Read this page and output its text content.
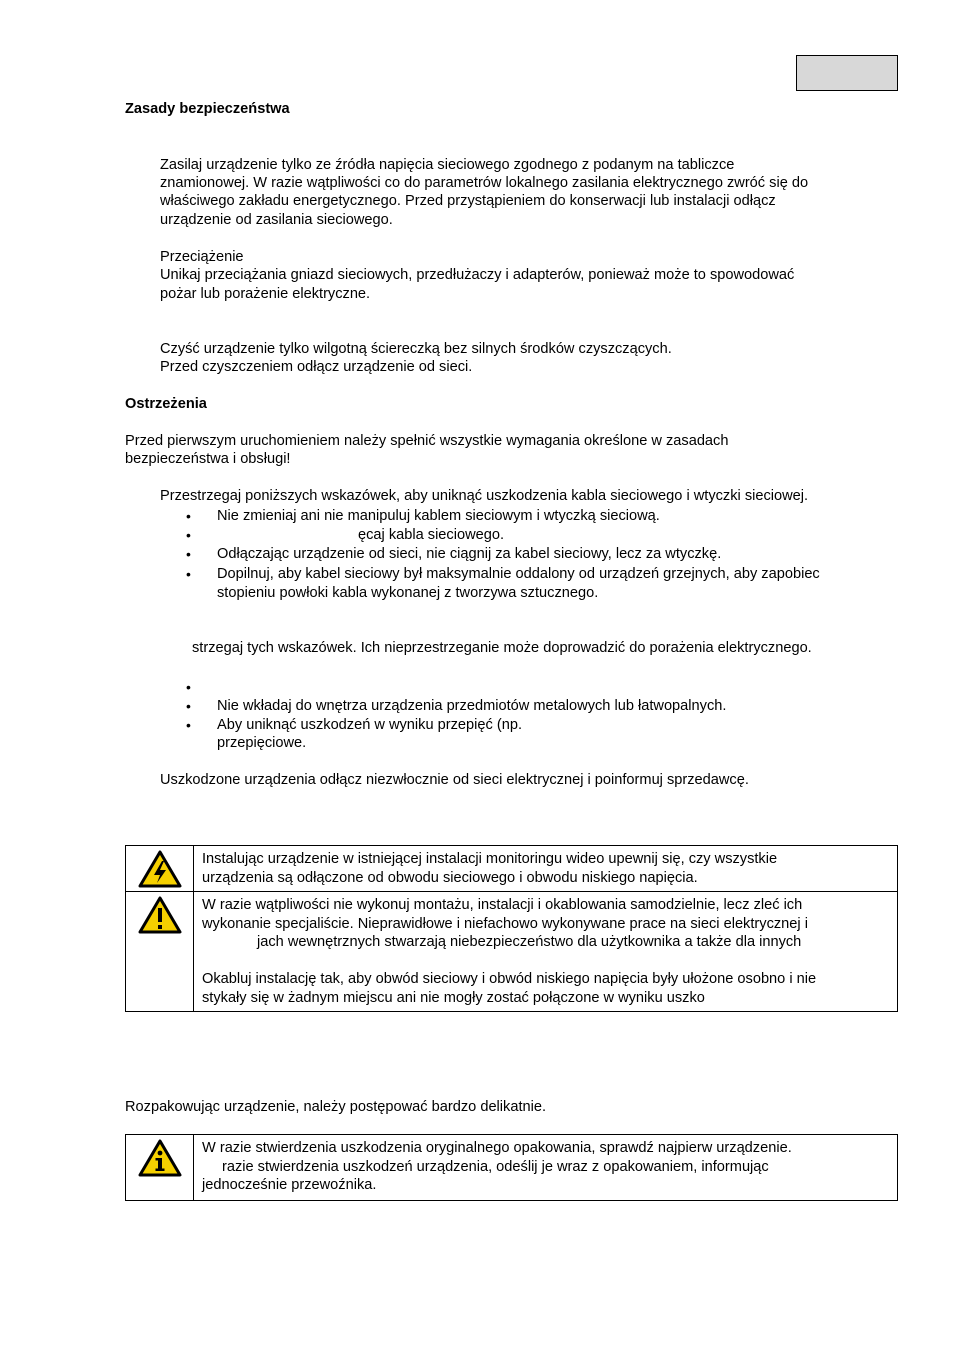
Zasady bezpieczeństwa
Zasilaj urządzenie tylko ze źródła napięcia sieciowego zgodnego z podanym na tabliczce
znamionowej. W razie wątpliwości co do parametrów lokalnego zasilania elektrycznego zwróć się do
właściwego zakładu energetycznego. Przed przystąpieniem do konserwacji lub instalacji odłącz
urządzenie od zasilania sieciowego.
Przeciążenie
Unikaj przeciążania gniazd sieciowych, przedłużaczy i adapterów, ponieważ może to spowodować
pożar lub porażenie elektryczne.
Czyść urządzenie tylko wilgotną ściereczką bez silnych środków czyszczących.
Przed czyszczeniem odłącz urządzenie od sieci.
Ostrzeżenia
Przed pierwszym uruchomieniem należy spełnić wszystkie wymagania określone w zasadach
bezpieczeństwa i obsługi!
Przestrzegaj poniższych wskazówek, aby uniknąć uszkodzenia kabla sieciowego i wtyczki sieciowej.
• Nie zmieniaj ani nie manipuluj kablem sieciowym i wtyczką sieciową.
•	ęcaj kabla sieciowego.
• Odłączając urządzenie od sieci, nie ciągnij za kabel sieciowy, lecz za wtyczkę.
• Dopilnuj, aby kabel sieciowy był maksymalnie oddalony od urządzeń grzejnych, aby zapobiec
stopieniu powłoki kabla wykonanej z tworzywa sztucznego.
strzegaj tych wskazówek. Ich nieprzestrzeganie może doprowadzić do porażenia elektrycznego.
•
• Nie wkładaj do wnętrza urządzenia przedmiotów metalowych lub łatwopalnych.
• Aby uniknąć uszkodzeń w wyniku przepięć (np.
przepięciowe.
Uszkodzone urządzenia odłącz niezwłocznie od sieci elektrycznej i poinformuj sprzedawcę.

Instalując urządzenie w istniejącej instalacji monitoringu wideo upewnij się, czy wszystkie

urządzenia są odłączone od obwodu sieciowego i obwodu niskiego napięcia.

W razie wątpliwości nie wykonuj montażu, instalacji i okablowania samodzielnie, lecz zleć ich

wykonanie specjaliście. Nieprawidłowe i niefachowo wykonywane prace na sieci elektrycznej i

jach wewnętrznych stwarzają niebezpieczeństwo dla użytkownika a także dla innych

Okabluj instalację tak, aby obwód sieciowy i obwód niskiego napięcia były ułożone osobno i nie

stykały się w żadnym miejscu ani nie mogły zostać połączone w wyniku uszko

Rozpakowując urządzenie, należy postępować bardzo delikatnie.

W razie stwierdzenia uszkodzenia oryginalnego opakowania, sprawdź najpierw urządzenie.

razie stwierdzenia uszkodzeń urządzenia, odeślij je wraz z opakowaniem, informując

jednocześnie przewoźnika.
